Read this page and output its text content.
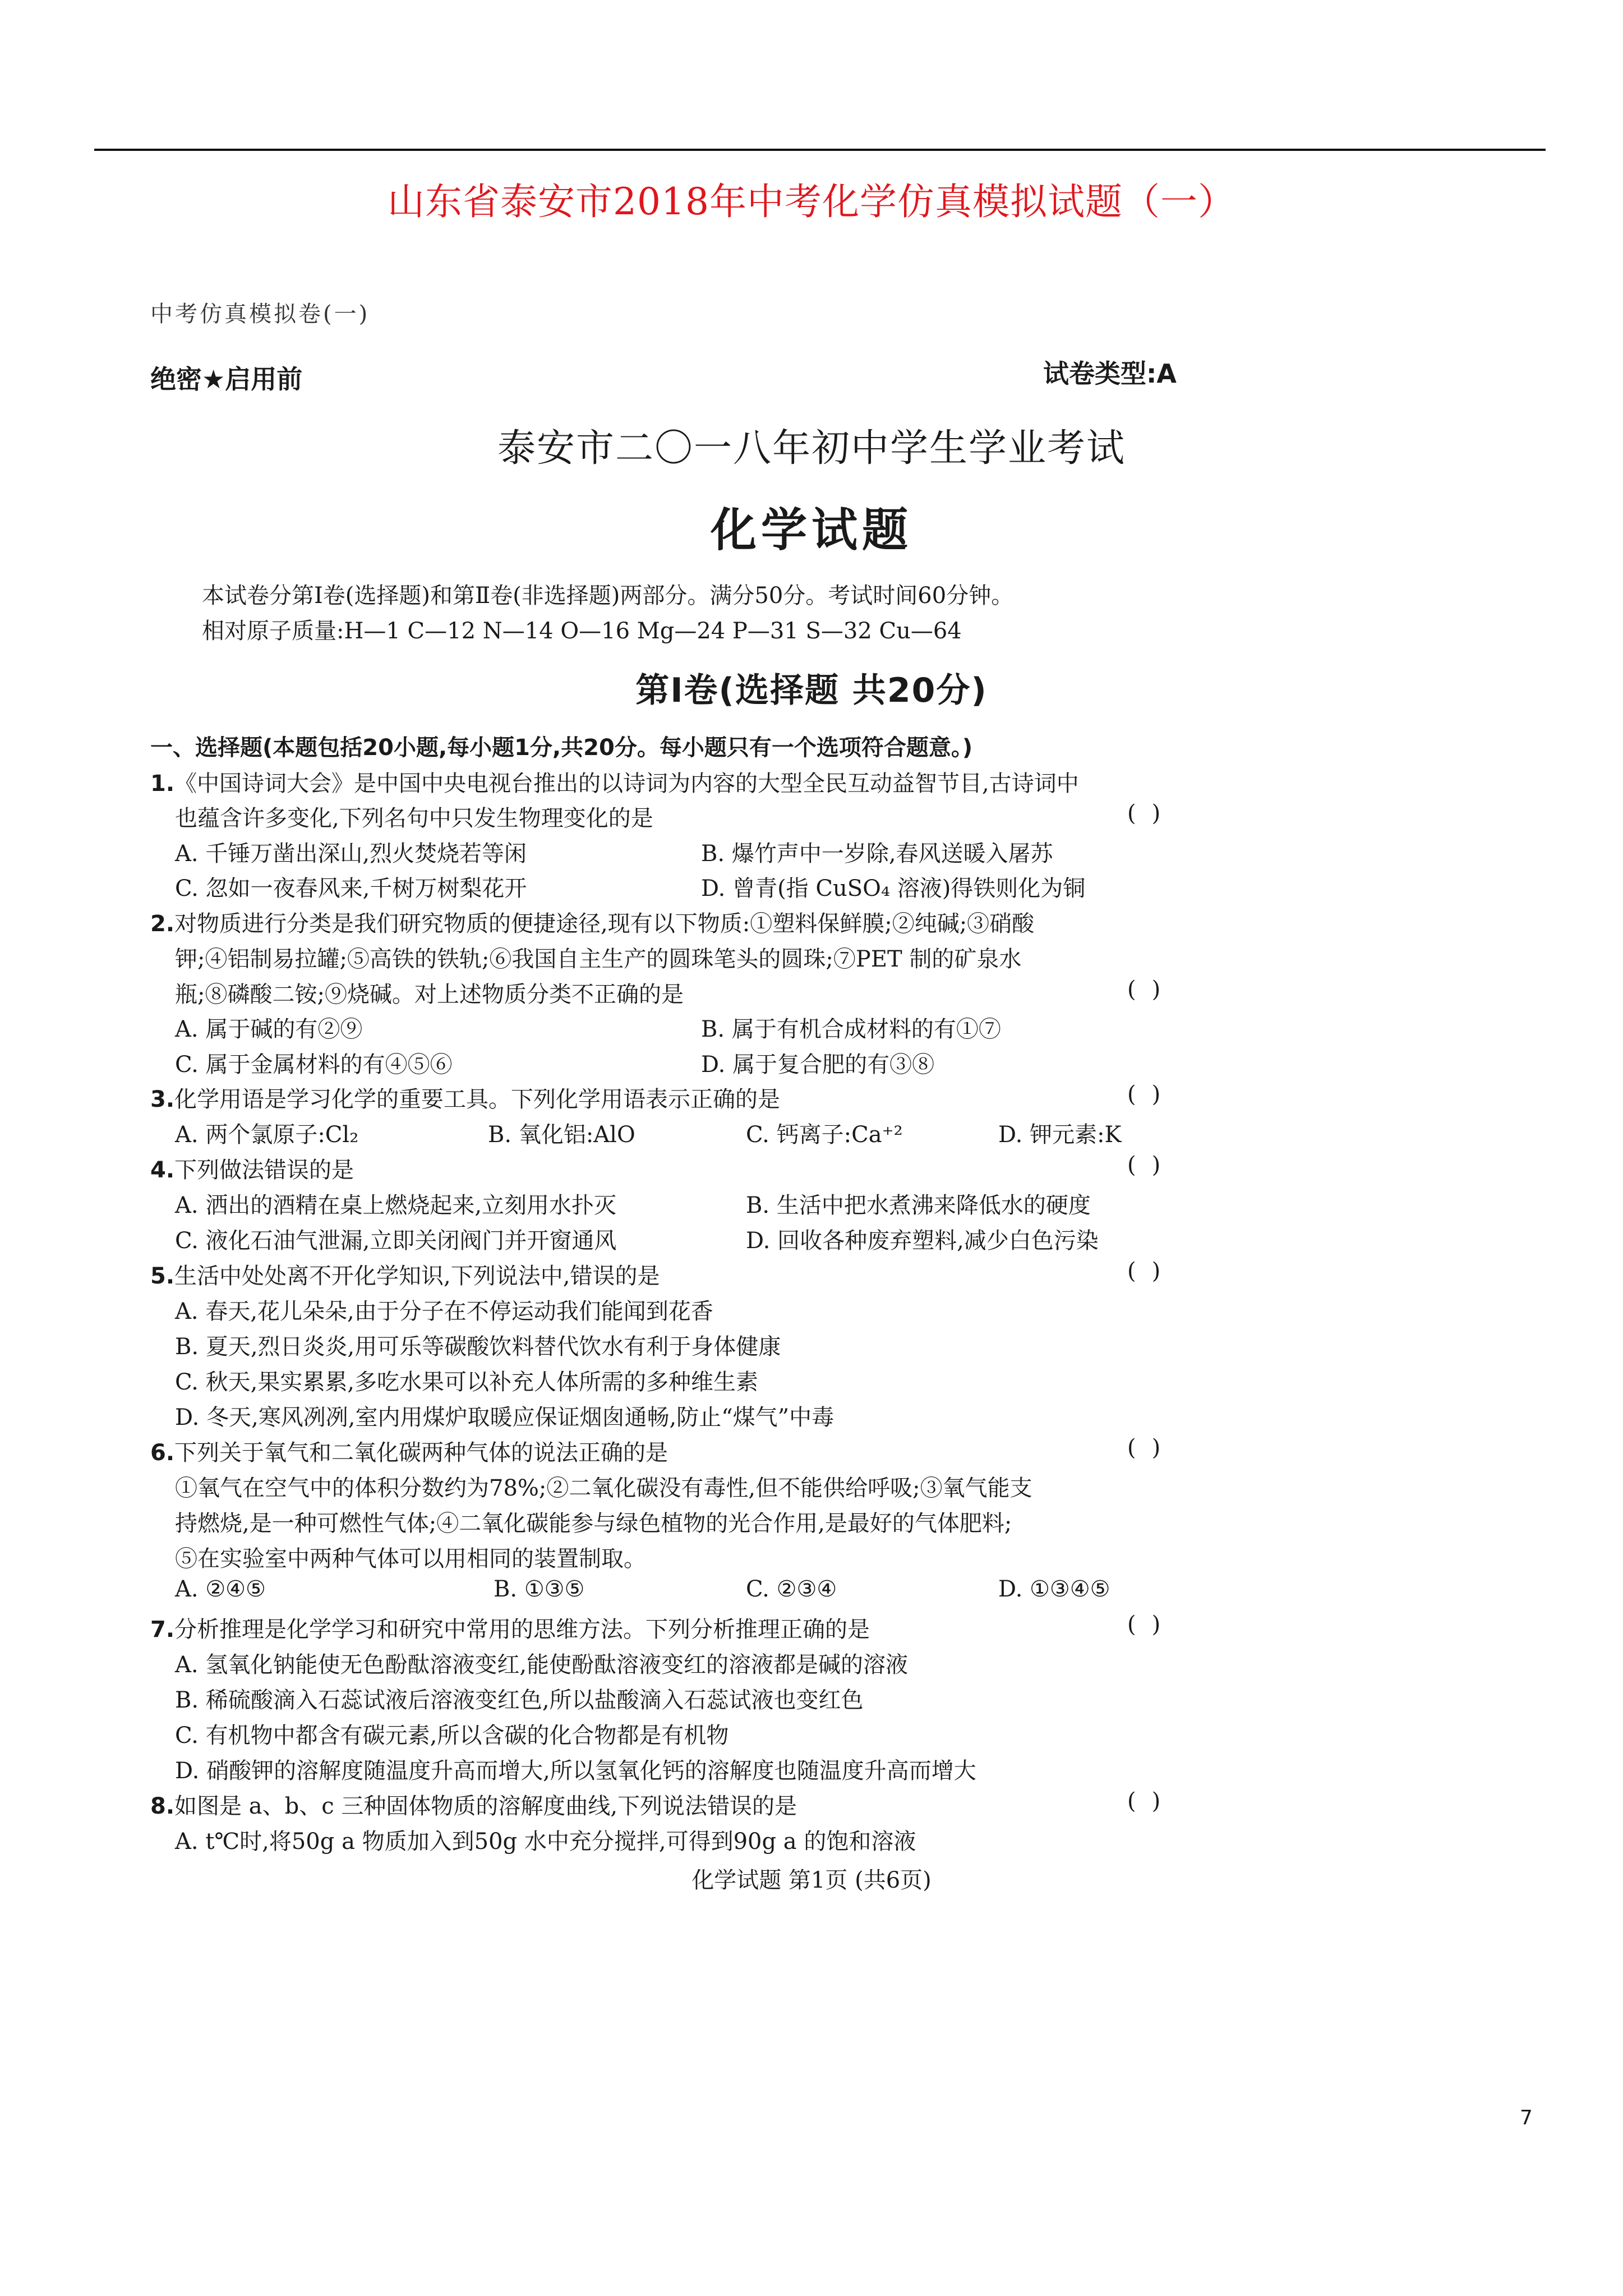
山东省泰安市2018年中考化学仿真模拟试题（一）
中考仿真模拟卷(一)
绝密★启用前	试卷类型:A
泰安市二〇一八年初中学生学业考试
化学试题
本试卷分第Ⅰ卷(选择题)和第Ⅱ卷(非选择题)两部分。满分50分。考试时间60分钟。
相对原子质量:H—1 C—12 N—14 O—16 Mg—24 P—31 S—32 Cu—64
第Ⅰ卷(选择题 共20分)
一、选择题(本题包括20小题,每小题1分,共20分。每小题只有一个选项符合题意。)
1.《中国诗词大会》是中国中央电视台推出的以诗词为内容的大型全民互动益智节目,古诗词中
也蕴含许多变化,下列名句中只发生物理变化的是	()
A. 千锤万凿出深山,烈火焚烧若等闲	B. 爆竹声中一岁除,春风送暖入屠苏
C. 忽如一夜春风来,千树万树梨花开	D. 曾青(指 CuSO₄ 溶液)得铁则化为铜
2.对物质进行分类是我们研究物质的便捷途径,现有以下物质:①塑料保鲜膜;②纯碱;③硝酸
钾;④铝制易拉罐;⑤高铁的铁轨;⑥我国自主生产的圆珠笔头的圆珠;⑦PET 制的矿泉水
瓶;⑧磷酸二铵;⑨烧碱。对上述物质分类不正确的是	()
A. 属于碱的有②⑨	B. 属于有机合成材料的有①⑦
C. 属于金属材料的有④⑤⑥	D. 属于复合肥的有③⑧
3.化学用语是学习化学的重要工具。下列化学用语表示正确的是	()
A. 两个氯原子:Cl₂	B. 氧化铝:AlO	C. 钙离子:Ca⁺²	D. 钾元素:K
4.下列做法错误的是	()
A. 洒出的酒精在桌上燃烧起来,立刻用水扑灭	B. 生活中把水煮沸来降低水的硬度
C. 液化石油气泄漏,立即关闭阀门并开窗通风	D. 回收各种废弃塑料,减少白色污染
5.生活中处处离不开化学知识,下列说法中,错误的是	()
A. 春天,花儿朵朵,由于分子在不停运动我们能闻到花香
B. 夏天,烈日炎炎,用可乐等碳酸饮料替代饮水有利于身体健康
C. 秋天,果实累累,多吃水果可以补充人体所需的多种维生素
D. 冬天,寒风冽冽,室内用煤炉取暖应保证烟囱通畅,防止“煤气”中毒
6.下列关于氧气和二氧化碳两种气体的说法正确的是	()
①氧气在空气中的体积分数约为78%;②二氧化碳没有毒性,但不能供给呼吸;③氧气能支
持燃烧,是一种可燃性气体;④二氧化碳能参与绿色植物的光合作用,是最好的气体肥料;
⑤在实验室中两种气体可以用相同的装置制取。
A. ②④⑤	B. ①③⑤	C. ②③④	D. ①③④⑤
7.分析推理是化学学习和研究中常用的思维方法。下列分析推理正确的是	()
A. 氢氧化钠能使无色酚酞溶液变红,能使酚酞溶液变红的溶液都是碱的溶液
B. 稀硫酸滴入石蕊试液后溶液变红色,所以盐酸滴入石蕊试液也变红色
C. 有机物中都含有碳元素,所以含碳的化合物都是有机物
D. 硝酸钾的溶解度随温度升高而增大,所以氢氧化钙的溶解度也随温度升高而增大
8.如图是 a、b、c 三种固体物质的溶解度曲线,下列说法错误的是	()
A. t℃时,将50g a 物质加入到50g 水中充分搅拌,可得到90g a 的饱和溶液
化学试题 第1页 (共6页)
7
